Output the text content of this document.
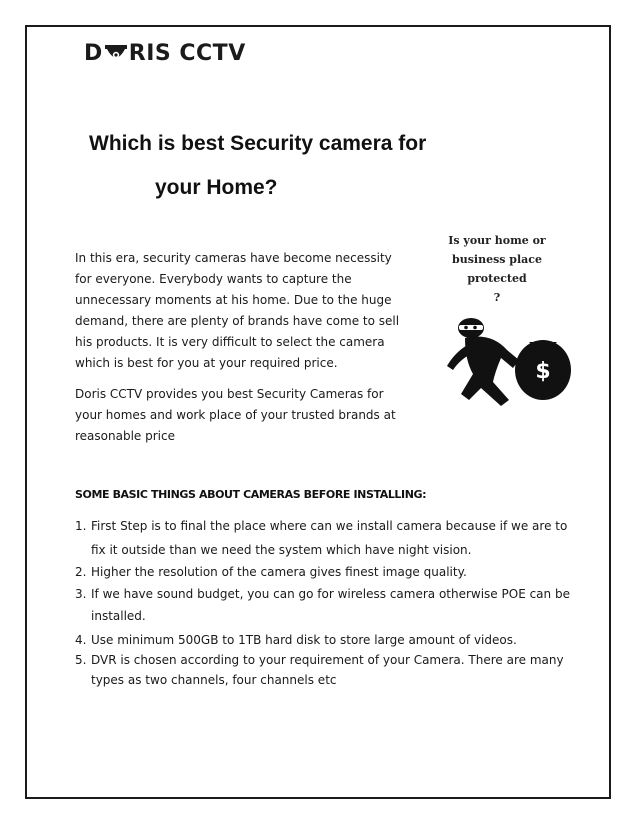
D RIS CCTV
Which is best Security camera for
your Home?
In this era, security cameras have become necessity
for everyone. Everybody wants to capture the
unnecessary moments at his home. Due to the huge
demand, there are plenty of brands have come to sell
his products. It is very difficult to select the camera
which is best for you at your required price.
Doris CCTV provides you best Security Cameras for
your homes and work place of your trusted brands at
reasonable price
Is your home or
business place
protected
?
$
SOME BASIC THINGS ABOUT CAMERAS BEFORE INSTALLING:
1. First Step is to final the place where can we install camera because if we are to
fix it outside than we need the system which have night vision.
2. Higher the resolution of the camera gives finest image quality.
3. If we have sound budget, you can go for wireless camera otherwise POE can be
installed.
4. Use minimum 500GB to 1TB hard disk to store large amount of videos.
5. DVR is chosen according to your requirement of your Camera. There are many
types as two channels, four channels etc
